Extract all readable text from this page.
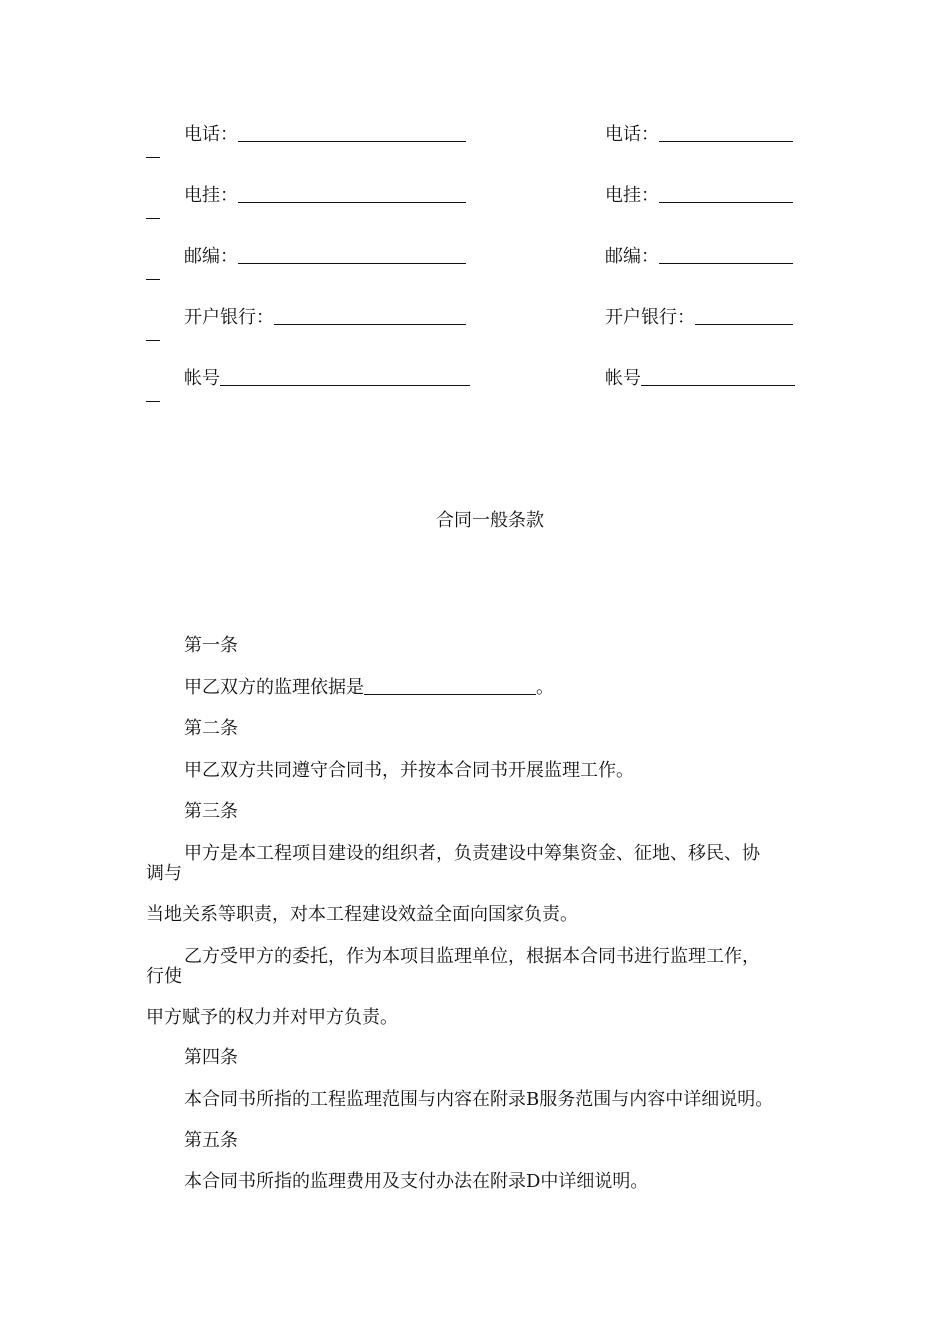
电话：	电话：
电挂：	电挂：
邮编：	邮编：
开户银行：	开户银行：
帐号	帐号
合同一般条款
第一条
甲乙双方的监理依据是	。
第二条
甲乙双方共同遵守合同书，并按本合同书开展监理工作。
第三条
甲方是本工程项目建设的组织者，负责建设中筹集资金、征地、移民、协
调与
当地关系等职责，对本工程建设效益全面向国家负责。
乙方受甲方的委托，作为本项目监理单位，根据本合同书进行监理工作，
行使
甲方赋予的权力并对甲方负责。
第四条
本合同书所指的工程监理范围与内容在附录B服务范围与内容中详细说明。
第五条
本合同书所指的监理费用及支付办法在附录D中详细说明。
